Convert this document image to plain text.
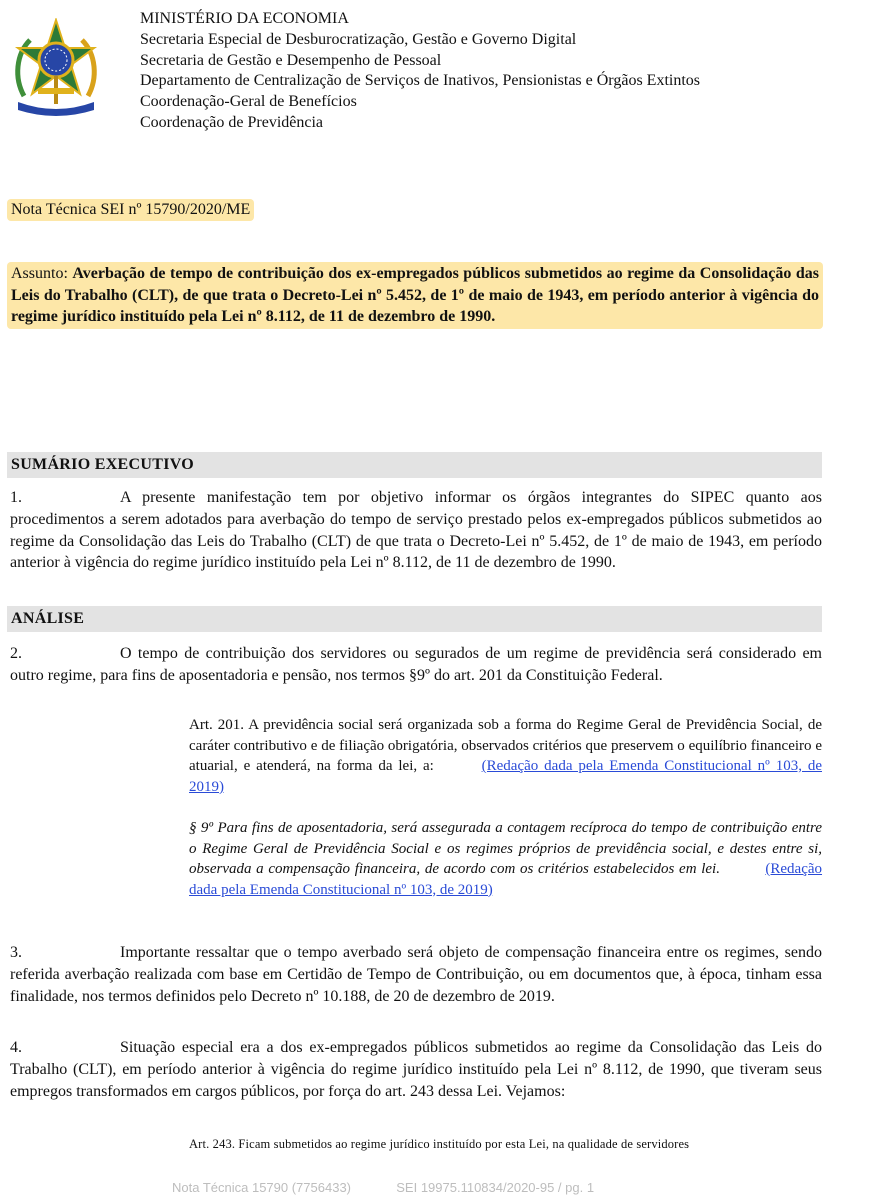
MINISTÉRIO DA ECONOMIA
Secretaria Especial de Desburocratização, Gestão e Governo Digital
Secretaria de Gestão e Desempenho de Pessoal
Departamento de Centralização de Serviços de Inativos, Pensionistas e Órgãos Extintos
Coordenação-Geral de Benefícios
Coordenação de Previdência
Nota Técnica SEI nº 15790/2020/ME
Assunto: Averbação de tempo de contribuição dos ex-empregados públicos submetidos ao regime da Consolidação das Leis do Trabalho (CLT), de que trata o Decreto-Lei nº 5.452, de 1º de maio de 1943, em período anterior à vigência do regime jurídico instituído pela Lei nº 8.112, de 11 de dezembro de 1990.
SUMÁRIO EXECUTIVO
1.	A presente manifestação tem por objetivo informar os órgãos integrantes do SIPEC quanto aos procedimentos a serem adotados para averbação do tempo de serviço prestado pelos ex-empregados públicos submetidos ao regime da Consolidação das Leis do Trabalho (CLT) de que trata o Decreto-Lei nº 5.452, de 1º de maio de 1943, em período anterior à vigência do regime jurídico instituído pela Lei nº 8.112, de 11 de dezembro de 1990.
ANÁLISE
2.	O tempo de contribuição dos servidores ou segurados de um regime de previdência será considerado em outro regime, para fins de aposentadoria e pensão, nos termos §9º do art. 201 da Constituição Federal.
Art. 201. A previdência social será organizada sob a forma do Regime Geral de Previdência Social, de caráter contributivo e de filiação obrigatória, observados critérios que preservem o equilíbrio financeiro e atuarial, e atenderá, na forma da lei, a:	(Redação dada pela Emenda Constitucional nº 103, de 2019)
§ 9º Para fins de aposentadoria, será assegurada a contagem recíproca do tempo de contribuição entre o Regime Geral de Previdência Social e os regimes próprios de previdência social, e destes entre si, observada a compensação financeira, de acordo com os critérios estabelecidos em lei.	(Redação dada pela Emenda Constitucional nº 103, de 2019)
3.	Importante ressaltar que o tempo averbado será objeto de compensação financeira entre os regimes, sendo referida averbação realizada com base em Certidão de Tempo de Contribuição, ou em documentos que, à época, tinham essa finalidade, nos termos definidos pelo Decreto nº 10.188, de 20 de dezembro de 2019.
4.	Situação especial era a dos ex-empregados públicos submetidos ao regime da Consolidação das Leis do Trabalho (CLT), em período anterior à vigência do regime jurídico instituído pela Lei nº 8.112, de 1990, que tiveram seus empregos transformados em cargos públicos, por força do art. 243 dessa Lei. Vejamos:
Art. 243. Ficam submetidos ao regime jurídico instituído por esta Lei, na qualidade de servidores
Nota Técnica 15790 (7756433)	SEI 19975.110834/2020-95 / pg. 1
